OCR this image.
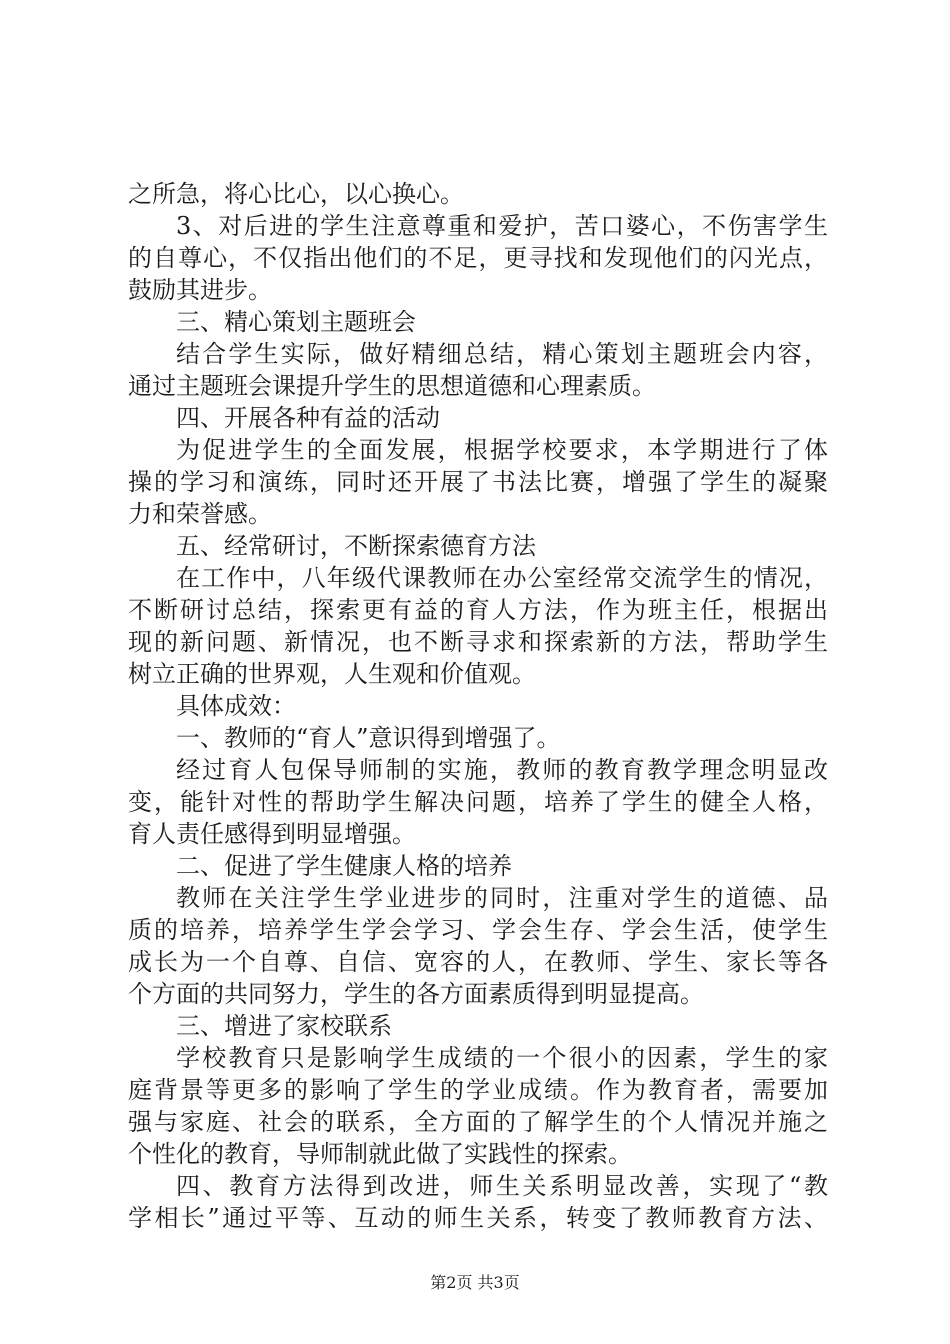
之所急，将心比心，以心换心。
3、对后进的学生注意尊重和爱护，苦口婆心，不伤害学生
的自尊心，不仅指出他们的不足，更寻找和发现他们的闪光点，
鼓励其进步。
三、精心策划主题班会
结合学生实际，做好精细总结，精心策划主题班会内容，
通过主题班会课提升学生的思想道德和心理素质。
四、开展各种有益的活动
为促进学生的全面发展，根据学校要求，本学期进行了体
操的学习和演练，同时还开展了书法比赛，增强了学生的凝聚
力和荣誉感。
五、经常研讨，不断探索德育方法
在工作中，八年级代课教师在办公室经常交流学生的情况，
不断研讨总结，探索更有益的育人方法，作为班主任，根据出
现的新问题、新情况，也不断寻求和探索新的方法，帮助学生
树立正确的世界观，人生观和价值观。
具体成效：
一、教师的“育人”意识得到增强了。
经过育人包保导师制的实施，教师的教育教学理念明显改
变，能针对性的帮助学生解决问题，培养了学生的健全人格，
育人责任感得到明显增强。
二、促进了学生健康人格的培养
教师在关注学生学业进步的同时，注重对学生的道德、品
质的培养，培养学生学会学习、学会生存、学会生活，使学生
成长为一个自尊、自信、宽容的人，在教师、学生、家长等各
个方面的共同努力，学生的各方面素质得到明显提高。
三、增进了家校联系
学校教育只是影响学生成绩的一个很小的因素，学生的家
庭背景等更多的影响了学生的学业成绩。作为教育者，需要加
强与家庭、社会的联系，全方面的了解学生的个人情况并施之
个性化的教育，导师制就此做了实践性的探索。
四、教育方法得到改进，师生关系明显改善，实现了“教
学相长”通过平等、互动的师生关系，转变了教师教育方法、
第2页 共3页
